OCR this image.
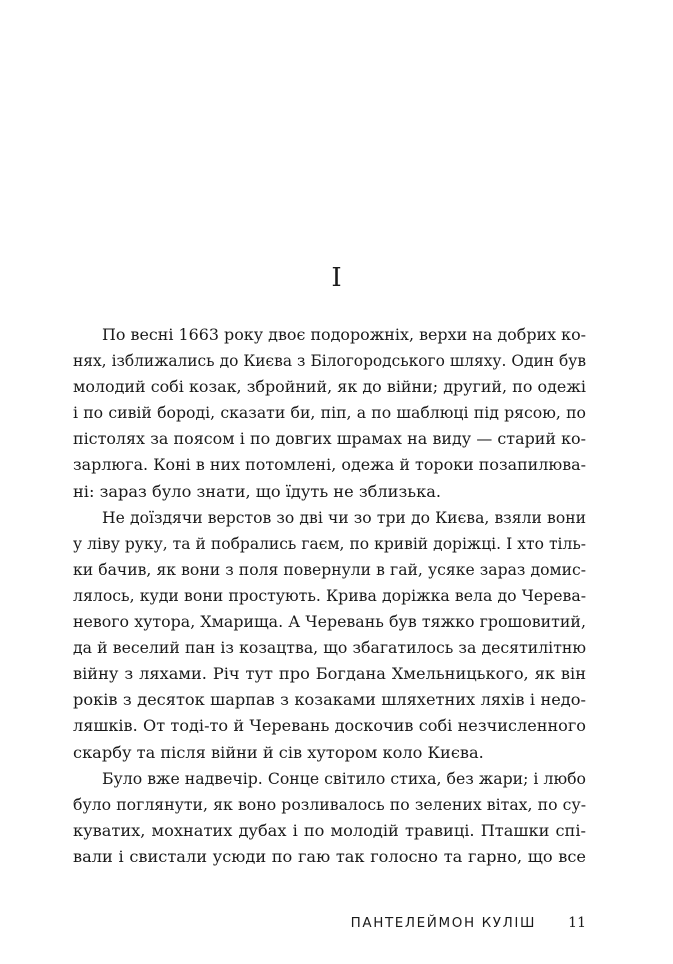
I

По весні 1663 року двоє подорожніх, верхи на добрих ко-
нях, ізближались до Києва з Білогородського шляху. Один був
молодий собі козак, збройний, як до війни; другий, по одежі
і по сивій бороді, сказати би, піп, а по шаблюці під рясою, по
пістолях за поясом і по довгих шрамах на виду — старий ко-
зарлюга. Коні в них потомлені, одежа й тороки позапилюва-
ні: зараз було знати, що їдуть не зблизька.

Не доїздячи верстов зо дві чи зо три до Києва, взяли вони
у ліву руку, та й побрались гаєм, по кривій доріжці. І хто тіль-
ки бачив, як вони з поля повернули в гай, усяке зараз домис-
лялось, куди вони простують. Крива доріжка вела до Черева-
невого хутора, Хмарища. А Черевань був тяжко грошовитий,
да й веселий пан із козацтва, що збагатилось за десятилітню
війну з ляхами. Річ тут про Богдана Хмельницького, як він
років з десяток шарпав з козаками шляхетних ляхів і недо-
ляшків. От тоді-то й Черевань доскочив собі незчисленного
скарбу та після війни й сів хутором коло Києва.

Було вже надвечір. Сонце світило стиха, без жари; і любо
було поглянути, як воно розливалось по зелених вітах, по су-
куватих, мохнатих дубах і по молодій травиці. Пташки спі-
вали і свистали усюди по гаю так голосно та гарно, що все

ПАНТЕЛЕЙМОН КУЛІШ 11
